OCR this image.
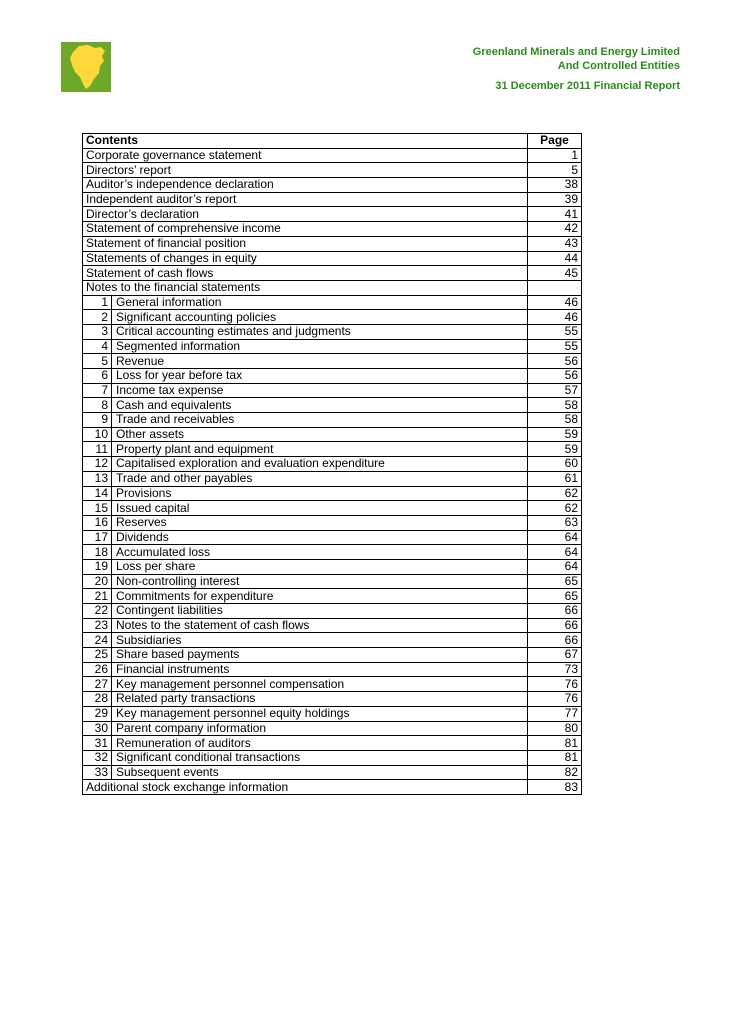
Greenland Minerals and Energy Limited
And Controlled Entities
31 December 2011 Financial Report
Contents		Page
Corporate governance statement		1
Directors’ report		5
Auditor’s independence declaration		38
Independent auditor’s report		39
Director’s declaration		41
Statement of comprehensive income		42
Statement of financial position		43
Statements of changes in equity		44
Statement of cash flows		45
Notes to the financial statements		
1	General information	46
2	Significant accounting policies	46
3	Critical accounting estimates and judgments	55
4	Segmented information	55
5	Revenue	56
6	Loss for year before tax	56
7	Income tax expense	57
8	Cash and equivalents	58
9	Trade and receivables	58
10	Other assets	59
11	Property plant and equipment	59
12	Capitalised exploration and evaluation expenditure	60
13	Trade and other payables	61
14	Provisions	62
15	Issued capital	62
16	Reserves	63
17	Dividends	64
18	Accumulated loss	64
19	Loss per share	64
20	Non-controlling interest	65
21	Commitments for expenditure	65
22	Contingent liabilities	66
23	Notes to the statement of cash flows	66
24	Subsidiaries	66
25	Share based payments	67
26	Financial instruments	73
27	Key management personnel compensation	76
28	Related party transactions	76
29	Key management personnel equity holdings	77
30	Parent company information	80
31	Remuneration of auditors	81
32	Significant conditional transactions	81
33	Subsequent events	82
Additional stock exchange information		83
